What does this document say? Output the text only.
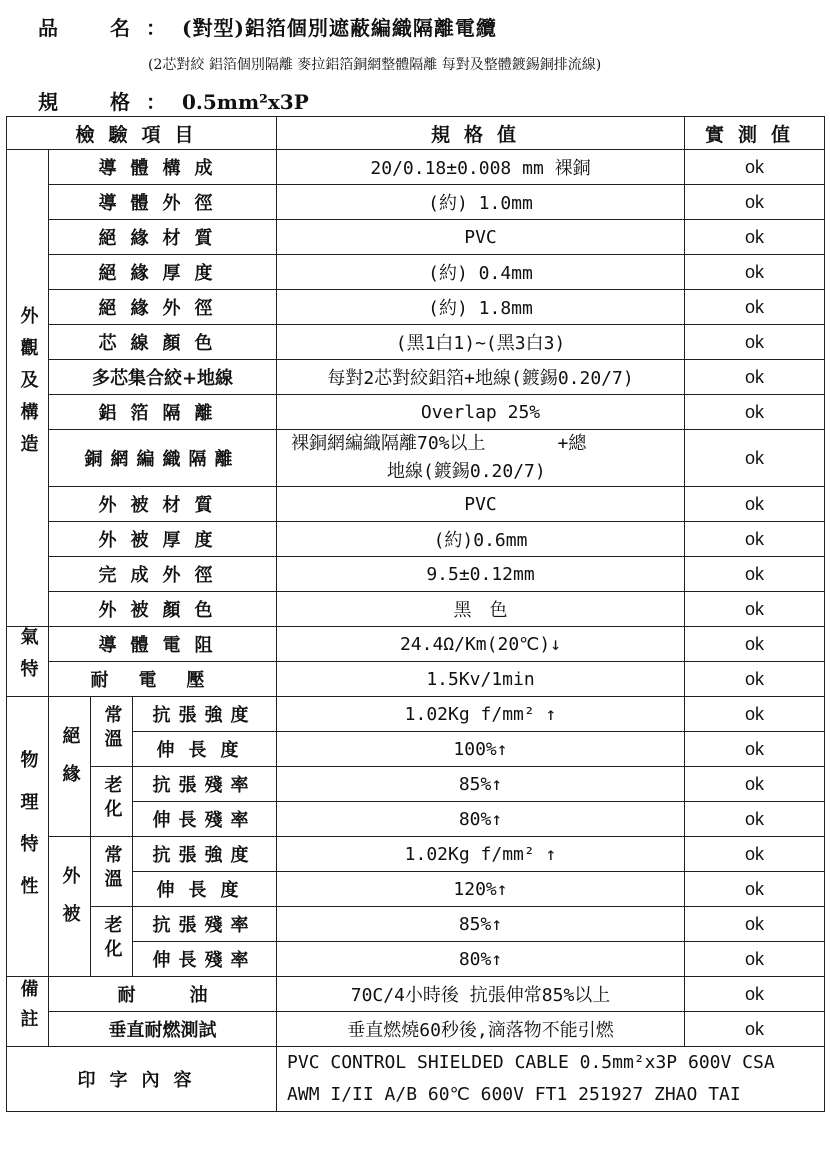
品　名：(對型)鋁箔個別遮蔽編織隔離電纜
(2芯對絞 鋁箔個別隔離 麥拉鋁箔銅網整體隔離 每對及整體鍍錫銅排流線)
規　格：0.5mm²x3P
檢驗項目				規格值	實測值
外觀及構造	導體構成			20/0.18±0.008 mm 裸銅	ok
	導體外徑			(約) 1.0mm	ok
	絕緣材質			PVC	ok
	絕緣厚度			(約) 0.4mm	ok
	絕緣外徑			(約) 1.8mm	ok
	芯線顏色			(黑1白1)~(黑3白3)	ok
	多芯集合絞+地線			每對2芯對絞鋁箔+地線(鍍錫0.20/7)	ok
	鋁箔隔離			Overlap 25%	ok
	銅網編織隔離			裸銅網編織隔離70%以上　　　　+總
地線(鍍錫0.20/7)	ok
	外被材質			PVC	ok
	外被厚度			(約)0.6mm	ok
	完成外徑			9.5±0.12mm	ok
	外被顏色			黑　色	ok
氣特	導體電阻			24.4Ω/Km(20℃)↓	ok
	耐電壓			1.5Kv/1min	ok
物理特性	絕緣	常溫	抗張強度	1.02Kg f/mm² ↑	ok
			伸長度	100%↑	ok
		老化	抗張殘率	85%↑	ok
			伸長殘率	80%↑	ok
	外被	常溫	抗張強度	1.02Kg f/mm² ↑	ok
			伸長度	120%↑	ok
		老化	抗張殘率	85%↑	ok
			伸長殘率	80%↑	ok
備註	耐　　　油			70C/4小時後 抗張伸常85%以上	ok
	垂直耐燃測試			垂直燃燒60秒後,滴落物不能引燃	ok
印字內容				PVC CONTROL SHIELDED CABLE 0.5mm²x3P 600V CSA
AWM I/II A/B 60℃ 600V FT1 251927 ZHAO TAI	
